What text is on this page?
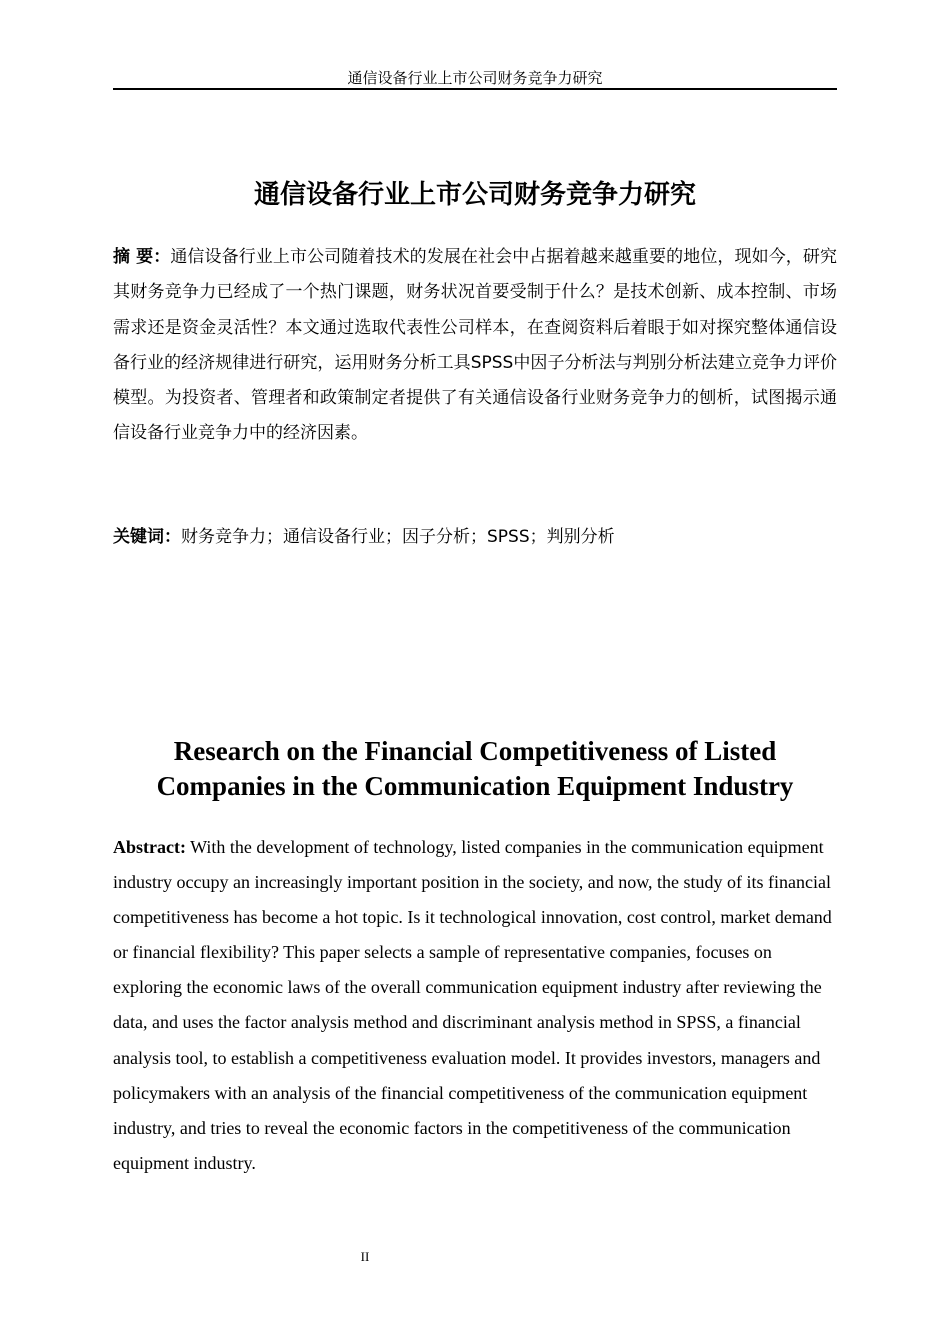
通信设备行业上市公司财务竞争力研究
通信设备行业上市公司财务竞争力研究
摘 要：通信设备行业上市公司随着技术的发展在社会中占据着越来越重要的地位，现如今，研究其财务竞争力已经成了一个热门课题，财务状况首要受制于什么？是技术创新、成本控制、市场需求还是资金灵活性？本文通过选取代表性公司样本，在查阅资料后着眼于如对探究整体通信设备行业的经济规律进行研究，运用财务分析工具SPSS中因子分析法与判别分析法建立竞争力评价模型。为投资者、管理者和政策制定者提供了有关通信设备行业财务竞争力的刨析，试图揭示通信设备行业竞争力中的经济因素。
关键词：财务竞争力；通信设备行业；因子分析；SPSS；判别分析
Research on the Financial Competitiveness of Listed Companies in the Communication Equipment Industry
Abstract: With the development of technology, listed companies in the communication equipment industry occupy an increasingly important position in the society, and now, the study of its financial competitiveness has become a hot topic. Is it technological innovation, cost control, market demand or financial flexibility? This paper selects a sample of representative companies, focuses on exploring the economic laws of the overall communication equipment industry after reviewing the data, and uses the factor analysis method and discriminant analysis method in SPSS, a financial analysis tool, to establish a competitiveness evaluation model. It provides investors, managers and policymakers with an analysis of the financial competitiveness of the communication equipment industry, and tries to reveal the economic factors in the competitiveness of the communication equipment industry.
II
